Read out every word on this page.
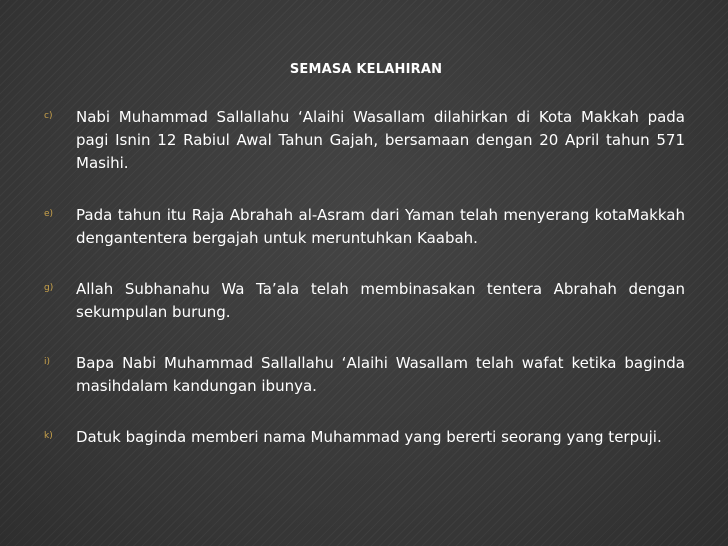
SEMASA KELAHIRAN
c) Nabi Muhammad Sallallahu ‘Alaihi Wasallam dilahirkan di Kota Makkah pada pagi Isnin 12 Rabiul Awal Tahun Gajah, bersamaan dengan 20 April tahun 571 Masihi.
e) Pada tahun itu Raja Abrahah al-Asram dari Yaman telah menyerang kotaMakkah dengantentera bergajah untuk meruntuhkan Kaabah.
g) Allah Subhanahu Wa Ta’ala telah membinasakan tentera Abrahah dengan sekumpulan burung.
i) Bapa Nabi Muhammad Sallallahu ‘Alaihi Wasallam telah wafat ketika baginda masihdalam kandungan ibunya.
k) Datuk baginda memberi nama Muhammad yang bererti seorang yang terpuji.
